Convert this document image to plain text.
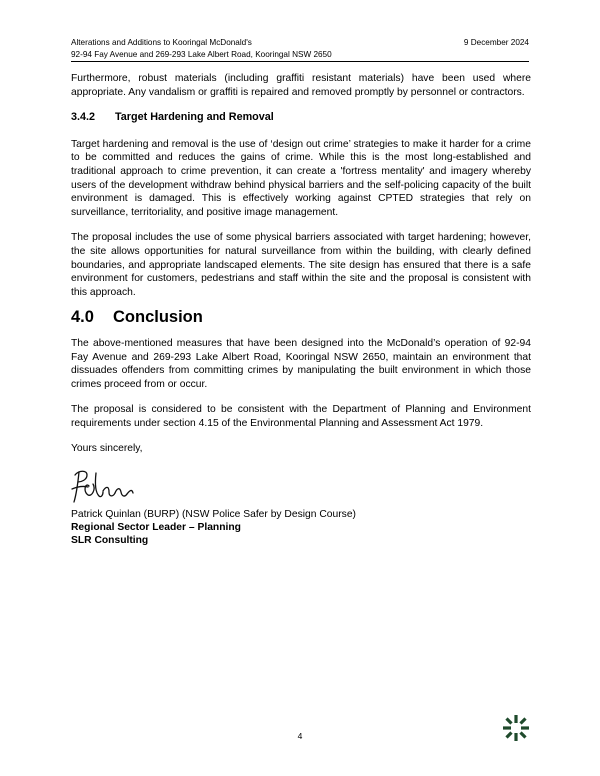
Alterations and Additions to Kooringal McDonald's
92-94 Fay Avenue and 269-293 Lake Albert Road, Kooringal NSW 2650
9 December 2024

Furthermore, robust materials (including graffiti resistant materials) have been used where appropriate. Any vandalism or graffiti is repaired and removed promptly by personnel or contractors.

3.4.2	Target Hardening and Removal

Target hardening and removal is the use of ‘design out crime’ strategies to make it harder for a crime to be committed and reduces the gains of crime. While this is the most long-established and traditional approach to crime prevention, it can create a 'fortress mentality' and imagery whereby users of the development withdraw behind physical barriers and the self-policing capacity of the built environment is damaged. This is effectively working against CPTED strategies that rely on surveillance, territoriality, and positive image management.

The proposal includes the use of some physical barriers associated with target hardening; however, the site allows opportunities for natural surveillance from within the building, with clearly defined boundaries, and appropriate landscaped elements. The site design has ensured that there is a safe environment for customers, pedestrians and staff within the site and the proposal is consistent with this approach.

4.0	Conclusion

The above-mentioned measures that have been designed into the McDonald’s operation of 92-94 Fay Avenue and 269-293 Lake Albert Road, Kooringal NSW 2650, maintain an environment that dissuades offenders from committing crimes by manipulating the built environment in which those crimes proceed from or occur.

The proposal is considered to be consistent with the Department of Planning and Environment requirements under section 4.15 of the Environmental Planning and Assessment Act 1979.

Yours sincerely,

Patrick Quinlan (BURP) (NSW Police Safer by Design Course)
Regional Sector Leader – Planning
SLR Consulting
4
